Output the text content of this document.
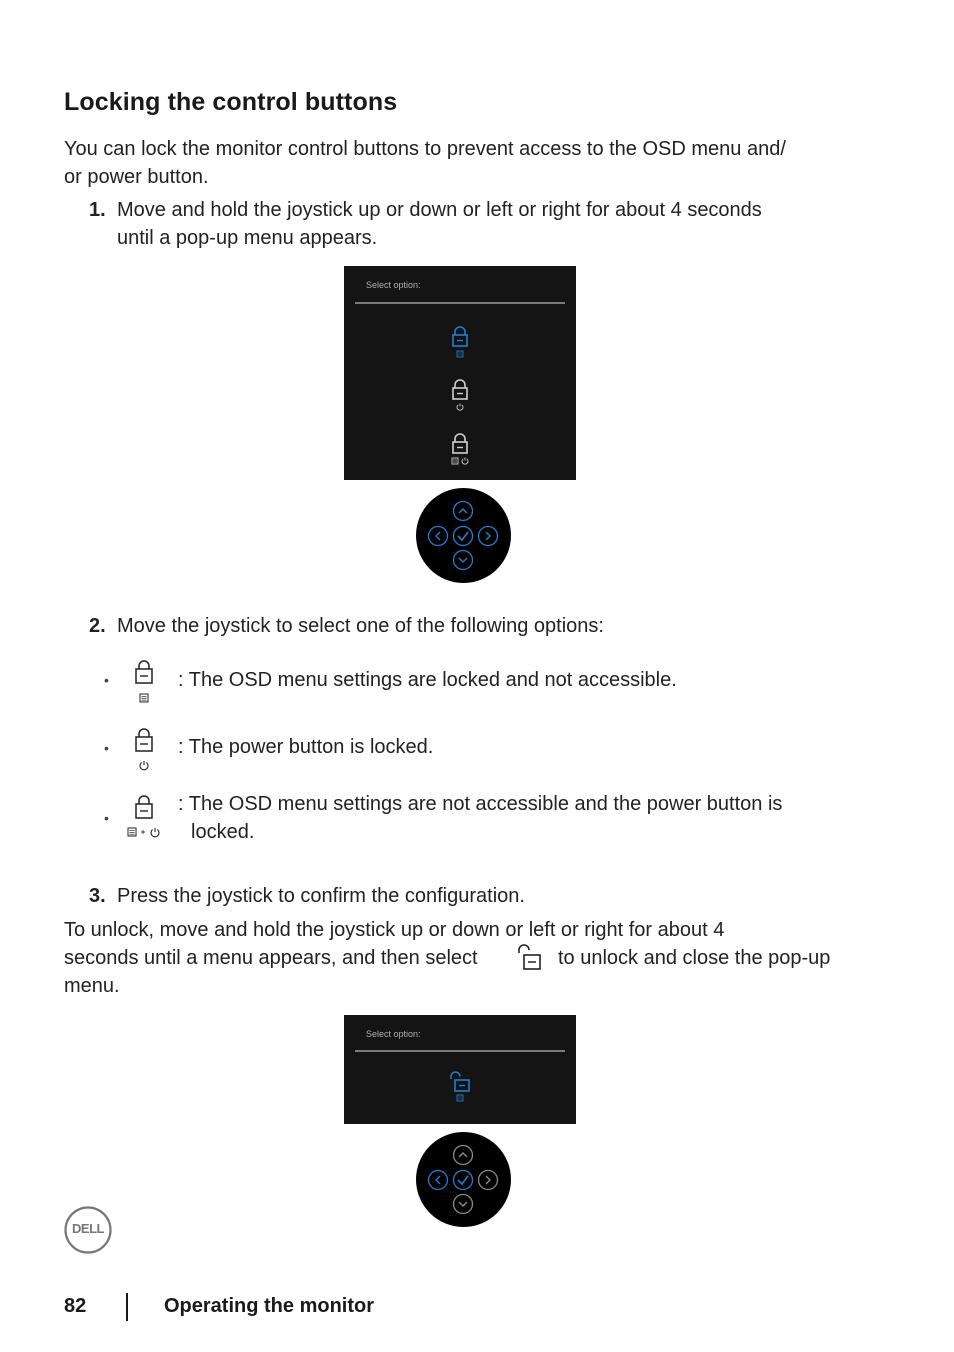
Locking the control buttons
You can lock the monitor control buttons to prevent access to the OSD menu and/
or power button.
1. Move and hold the joystick up or down or left or right for about 4 seconds
until a pop-up menu appears.
Select option:
2. Move the joystick to select one of the following options:
•	: The OSD menu settings are locked and not accessible.
•	: The power button is locked.
•
: The OSD menu settings are not accessible and the power button is
locked.
3. Press the joystick to confirm the configuration.
To unlock, move and hold the joystick up or down or left or right for about 4
seconds until a menu appears, and then select	to unlock and close the pop-up
menu.
Select option:
DELL
82	Operating the monitor
